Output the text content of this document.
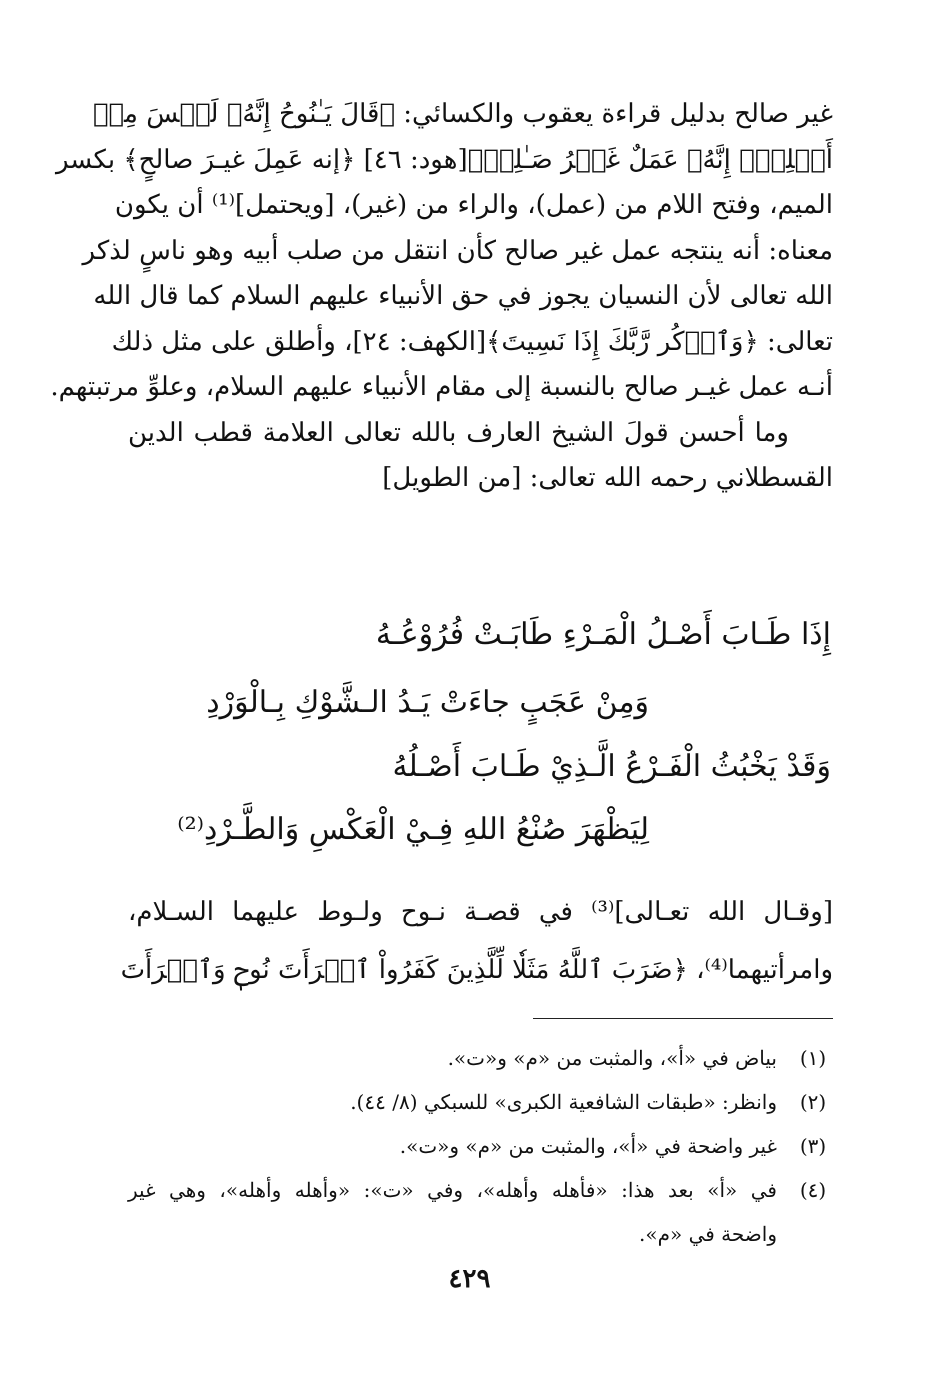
غير صالح بدليل قراءة يعقوب والكسائي: ﴿قَالَ يَـٰنُوحُ إِنَّهُۥ لَيۡسَ مِنۡ
أَهۡلِكَۖ إِنَّهُۥ عَمَلٌ غَيۡرُ صَـٰلِحٖ﴾[هود: ٤٦] ﴿إنه عَمِلَ غيـرَ صالحٍ﴾ بكسر
الميم، وفتح اللام من (عمل)، والراء من (غير)، [ويحتمل]⁽¹⁾ أن يكون
معناه: أنه ينتجه عمل غير صالح كأن انتقل من صلب أبيه وهو ناسٍ لذكر
الله تعالى لأن النسيان يجوز في حق الأنبياء عليهم السلام كما قال الله
تعالى: ﴿وَٱذۡكُر رَّبَّكَ إِذَا نَسِيتَ﴾[الكهف: ٢٤]، وأطلق على مثل ذلك
أنـه عمل غيـر صالح بالنسبة إلى مقام الأنبياء عليهم السلام، وعلوِّ مرتبتهم.
وما أحسن قولَ الشيخ العارف بالله تعالى العلامة قطب الدين
القسطلاني رحمه الله تعالى: [من الطويل]
إِذَا طَـابَ أَصْـلُ الْمَـرْءِ طَابَـتْ فُرُوْعُـهُ
وَمِنْ عَجَبٍ جاءَتْ يَـدُ الـشَّوْكِ بِـالْوَرْدِ
وَقَدْ يَخْبُثُ الْفَـرْعُ الَّـذِيْ طَـابَ أَصْـلُهُ
لِيَظْهَرَ صُنْعُ اللهِ فِـيْ الْعَكْسِ وَالطَّـرْدِ⁽²⁾
[وقـال الله تعـالى]⁽³⁾ في قصـة نـوح ولـوط عليهما السـلام،
وامرأتيهما⁽⁴⁾، ﴿ضَرَبَ ٱللَّهُ مَثَلٗا لِّلَّذِينَ كَفَرُواْ ٱمۡرَأَتَ نُوحٖ وَٱمۡرَأَتَ
(١)
بياض في «أ»، والمثبت من «م» و«ت».
(٢)
وانظر: «طبقات الشافعية الكبرى» للسبكي (٨/ ٤٤).
(٣)
غير واضحة في «أ»، والمثبت من «م» و«ت».
(٤)
في «أ» بعد هذا: «فأهله وأهله»، وفي «ت»: «وأهله وأهله»، وهي غير
واضحة في «م».
٤٢٩
